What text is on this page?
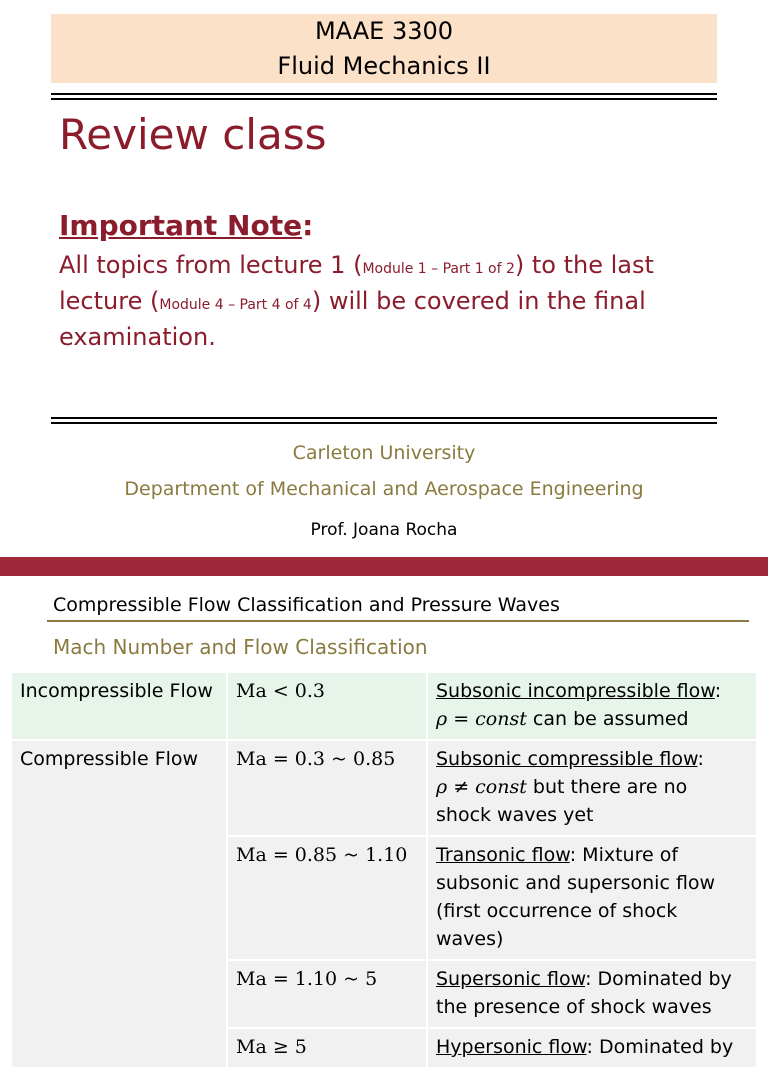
MAAE 3300
Fluid Mechanics II
Review class
Important Note:
All topics from lecture 1 (Module 1 – Part 1 of 2) to the last
lecture (Module 4 – Part 4 of 4) will be covered in the final
examination.
Carleton University
Department of Mechanical and Aerospace Engineering
Prof. Joana Rocha
Compressible Flow Classification and Pressure Waves
Mach Number and Flow Classification
Incompressible Flow	Ma < 0.3	Subsonic incompressible flow:
ρ = const can be assumed
Compressible Flow	Ma = 0.3 ~ 0.85	Subsonic compressible flow:
ρ ≠ const but there are no shock waves yet
	Ma = 0.85 ~ 1.10	Transonic flow: Mixture of subsonic and supersonic flow (first occurrence of shock waves)
	Ma = 1.10 ~ 5	Supersonic flow: Dominated by the presence of shock waves
	Ma ≥ 5	Hypersonic flow: Dominated by
